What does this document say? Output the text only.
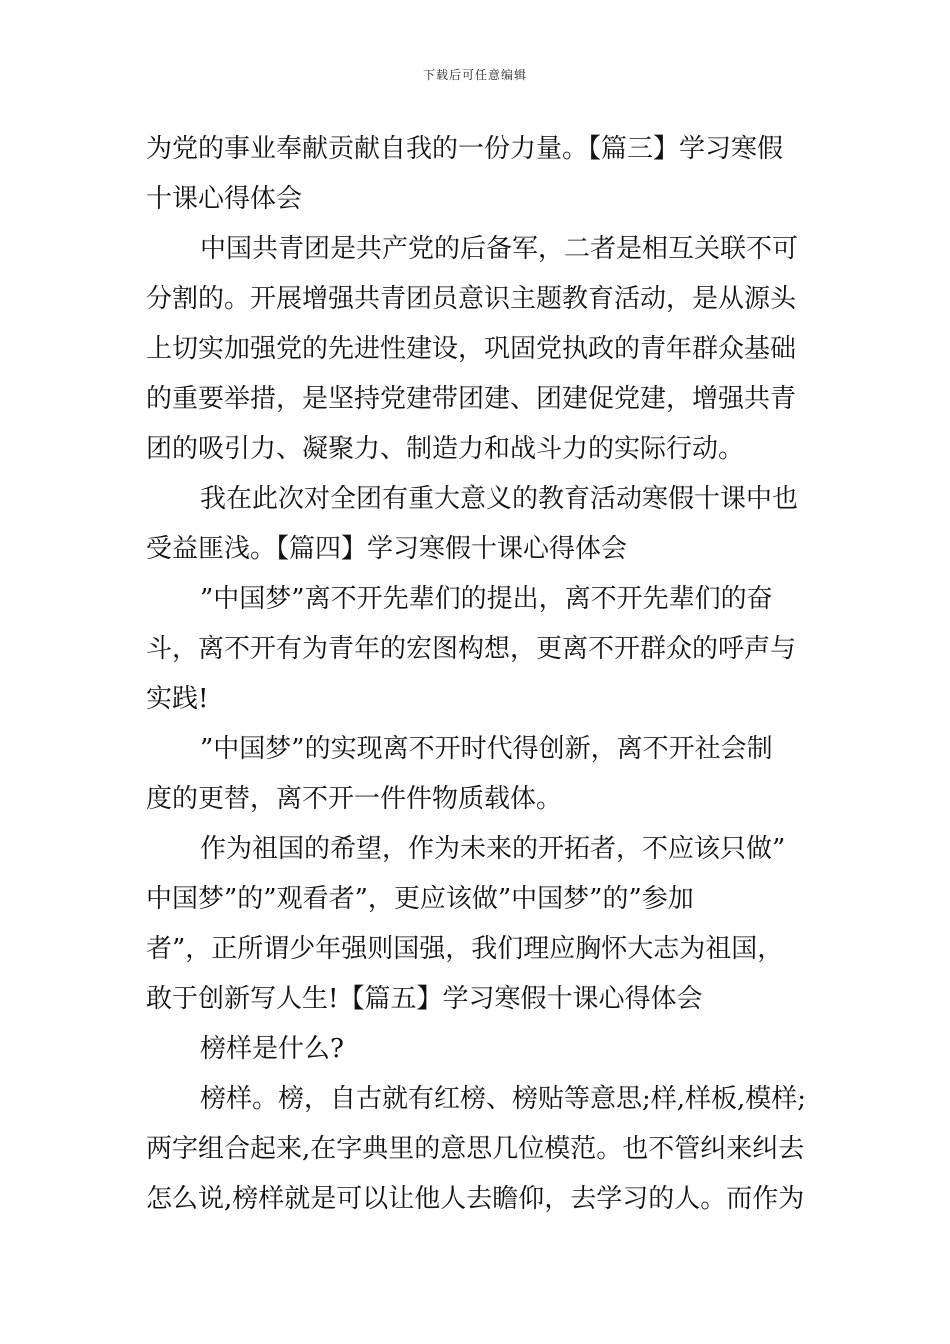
下载后可任意编辑
为党的事业奉献贡献自我的一份力量。【篇三】学习寒假
十课心得体会
中国共青团是共产党的后备军，二者是相互关联不可
分割的。开展增强共青团员意识主题教育活动，是从源头
上切实加强党的先进性建设，巩固党执政的青年群众基础
的重要举措，是坚持党建带团建、团建促党建，增强共青
团的吸引力、凝聚力、制造力和战斗力的实际行动。
我在此次对全团有重大意义的教育活动寒假十课中也
受益匪浅。【篇四】学习寒假十课心得体会
”中国梦”离不开先辈们的提出，离不开先辈们的奋
斗，离不开有为青年的宏图构想，更离不开群众的呼声与
实践!
”中国梦”的实现离不开时代得创新，离不开社会制
度的更替，离不开一件件物质载体。
作为祖国的希望，作为未来的开拓者，不应该只做”
中国梦”的”观看者”，更应该做”中国梦”的”参加
者”，正所谓少年强则国强，我们理应胸怀大志为祖国，
敢于创新写人生!【篇五】学习寒假十课心得体会
榜样是什么?
榜样。榜，自古就有红榜、榜贴等意思;样,样板,模样;
两字组合起来,在字典里的意思几位模范。也不管纠来纠去
怎么说,榜样就是可以让他人去瞻仰，去学习的人。而作为
